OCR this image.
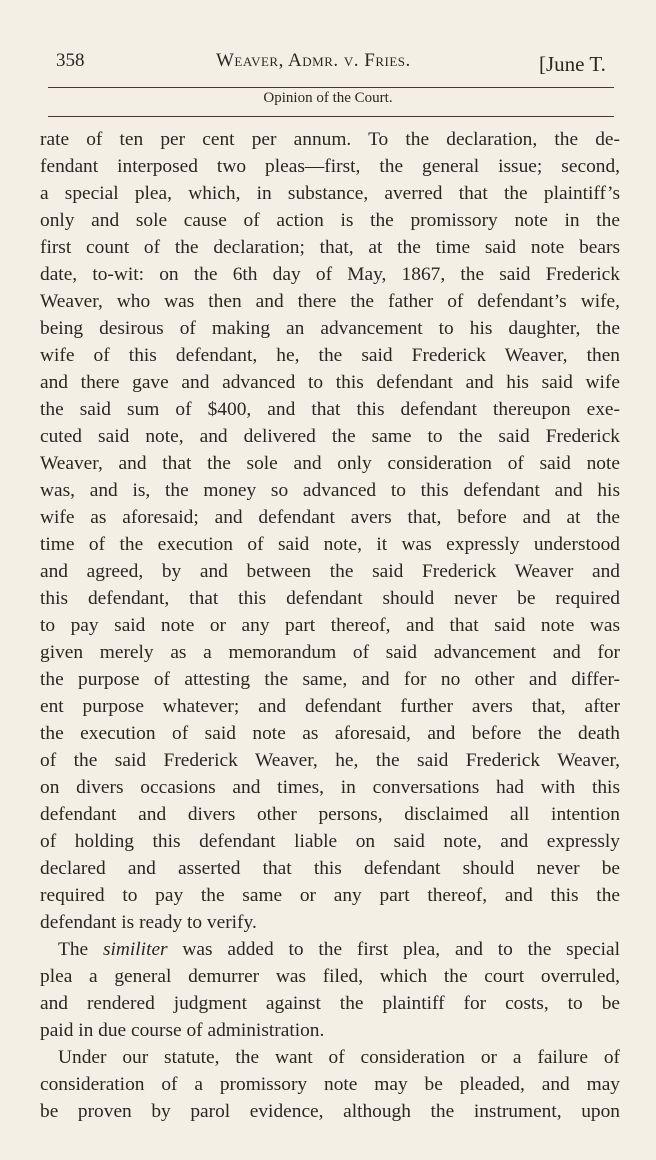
358	Weaver, Admr. v. Fries.	[June T.
Opinion of the Court.
rate of ten per cent per annum. To the declaration, the de-
fendant interposed two pleas—first, the general issue; second,
a special plea, which, in substance, averred that the plaintiff’s
only and sole cause of action is the promissory note in the
first count of the declaration; that, at the time said note bears
date, to-wit: on the 6th day of May, 1867, the said Frederick
Weaver, who was then and there the father of defendant’s wife,
being desirous of making an advancement to his daughter, the
wife of this defendant, he, the said Frederick Weaver, then
and there gave and advanced to this defendant and his said wife
the said sum of $400, and that this defendant thereupon exe-
cuted said note, and delivered the same to the said Frederick
Weaver, and that the sole and only consideration of said note
was, and is, the money so advanced to this defendant and his
wife as aforesaid; and defendant avers that, before and at the
time of the execution of said note, it was expressly understood
and agreed, by and between the said Frederick Weaver and
this defendant, that this defendant should never be required
to pay said note or any part thereof, and that said note was
given merely as a memorandum of said advancement and for
the purpose of attesting the same, and for no other and differ-
ent purpose whatever; and defendant further avers that, after
the execution of said note as aforesaid, and before the death
of the said Frederick Weaver, he, the said Frederick Weaver,
on divers occasions and times, in conversations had with this
defendant and divers other persons, disclaimed all intention
of holding this defendant liable on said note, and expressly
declared and asserted that this defendant should never be
required to pay the same or any part thereof, and this the
defendant is ready to verify.
The similiter was added to the first plea, and to the special
plea a general demurrer was filed, which the court overruled,
and rendered judgment against the plaintiff for costs, to be
paid in due course of administration.
Under our statute, the want of consideration or a failure of
consideration of a promissory note may be pleaded, and may
be proven by parol evidence, although the instrument, upon
